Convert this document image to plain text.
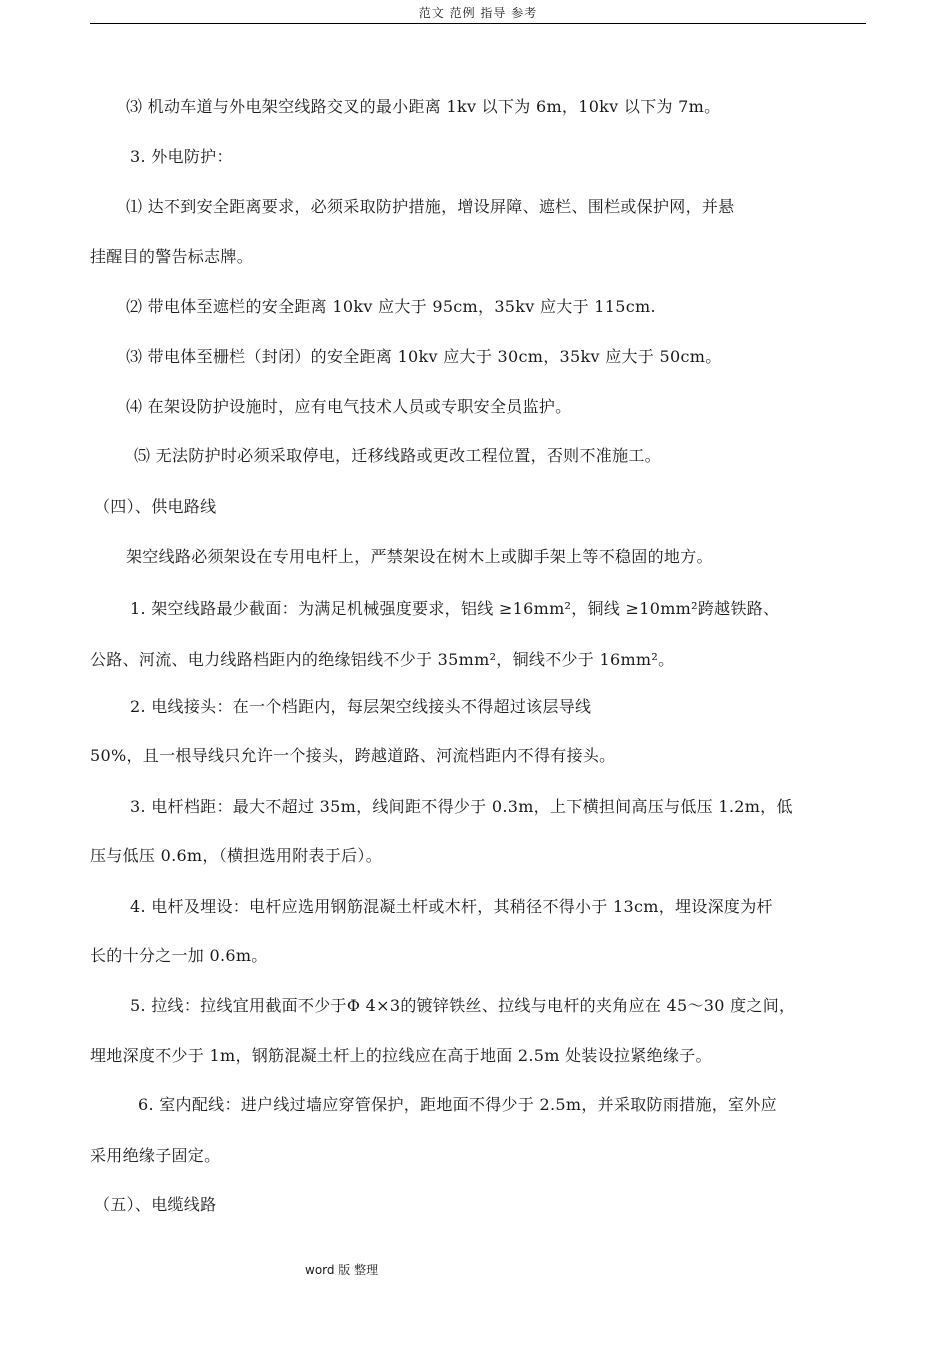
范文 范例 指导 参考
⑶ 机动车道与外电架空线路交叉的最小距离 1kv 以下为 6m，10kv 以下为 7m。
3. 外电防护：
⑴ 达不到安全距离要求，必须采取防护措施，增设屏障、遮栏、围栏或保护网，并悬
挂醒目的警告标志牌。
⑵ 带电体至遮栏的安全距离 10kv 应大于 95cm，35kv 应大于 115cm.
⑶ 带电体至栅栏（封闭）的安全距离 10kv 应大于 30cm，35kv 应大于 50cm。
⑷ 在架设防护设施时，应有电气技术人员或专职安全员监护。
⑸ 无法防护时必须采取停电，迁移线路或更改工程位置，否则不准施工。
（四）、供电路线
架空线路必须架设在专用电杆上，严禁架设在树木上或脚手架上等不稳固的地方。
1. 架空线路最少截面：为满足机械强度要求，铝线 ≥16mm²，铜线 ≥10mm²跨越铁路、
公路、河流、电力线路档距内的绝缘铝线不少于 35mm²，铜线不少于 16mm²。
2. 电线接头：在一个档距内，每层架空线接头不得超过该层导线
50%，且一根导线只允许一个接头，跨越道路、河流档距内不得有接头。
3. 电杆档距：最大不超过 35m，线间距不得少于 0.3m，上下横担间高压与低压 1.2m，低
压与低压 0.6m，（横担选用附表于后）。
4. 电杆及埋设：电杆应选用钢筋混凝土杆或木杆，其稍径不得小于 13cm，埋设深度为杆
长的十分之一加 0.6m。
5. 拉线：拉线宜用截面不少于Φ 4×3的镀锌铁丝、拉线与电杆的夹角应在 45～30 度之间，
埋地深度不少于 1m，钢筋混凝土杆上的拉线应在高于地面 2.5m 处装设拉紧绝缘子。
6. 室内配线：进户线过墙应穿管保护，距地面不得少于 2.5m，并采取防雨措施，室外应
采用绝缘子固定。
（五）、电缆线路
word 版 整理
